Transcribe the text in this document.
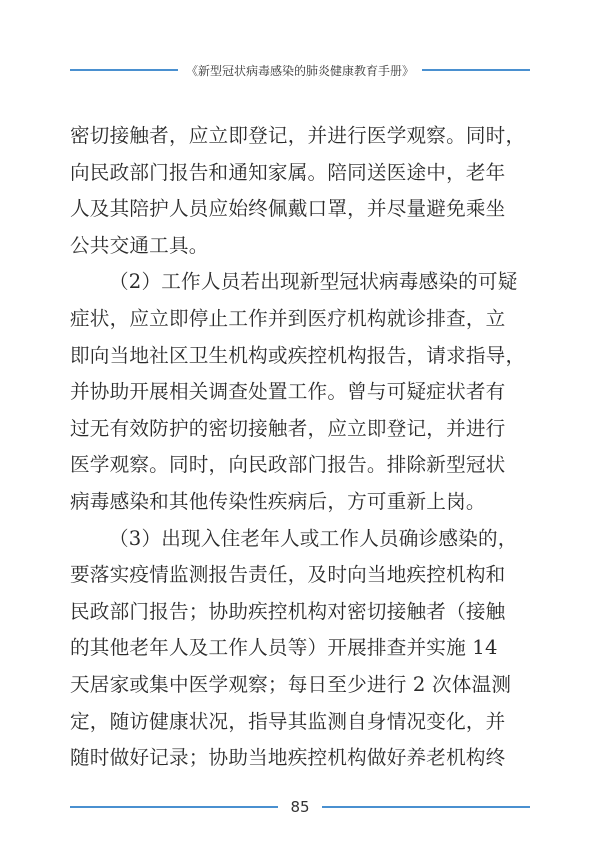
《新型冠状病毒感染的肺炎健康教育手册》

密切接触者，应立即登记，并进行医学观察。同时，
向民政部门报告和通知家属。陪同送医途中，老年
人及其陪护人员应始终佩戴口罩，并尽量避免乘坐
公共交通工具。

（2）工作人员若出现新型冠状病毒感染的可疑
症状，应立即停止工作并到医疗机构就诊排查，立
即向当地社区卫生机构或疾控机构报告，请求指导，
并协助开展相关调查处置工作。曾与可疑症状者有
过无有效防护的密切接触者，应立即登记，并进行
医学观察。同时，向民政部门报告。排除新型冠状
病毒感染和其他传染性疾病后，方可重新上岗。

（3）出现入住老年人或工作人员确诊感染的，
要落实疫情监测报告责任，及时向当地疾控机构和
民政部门报告；协助疾控机构对密切接触者（接触
的其他老年人及工作人员等）开展排查并实施 14
天居家或集中医学观察；每日至少进行 2 次体温测
定，随访健康状况，指导其监测自身情况变化，并
随时做好记录；协助当地疾控机构做好养老机构终

85
